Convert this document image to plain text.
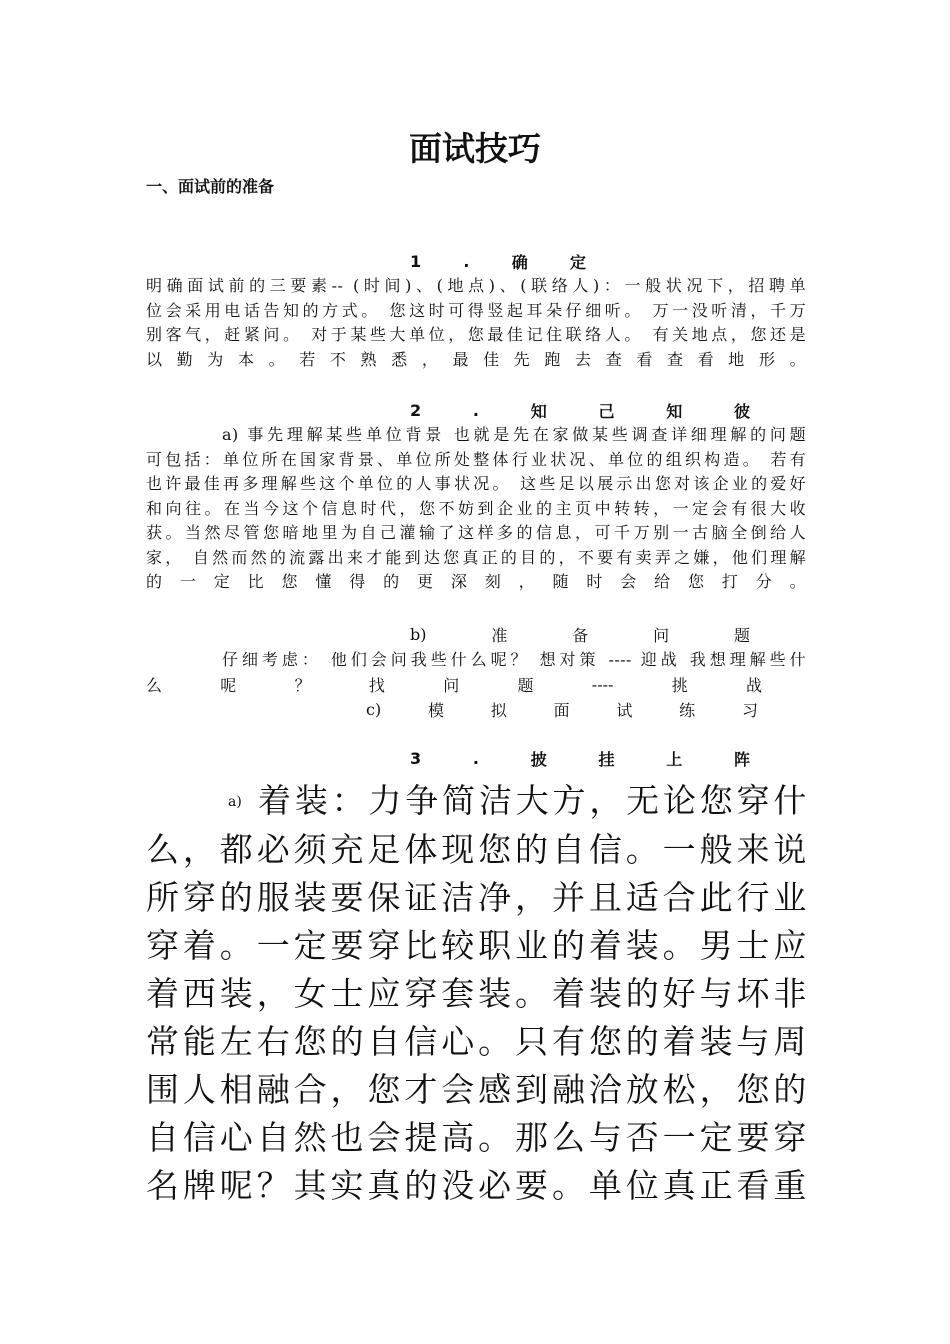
面试技巧
一、面试前的准备
1	.	确	定
明确面试前的三要素-- (时间)、(地点)、(联络人)：一般状况下，招聘单
位会采用电话告知的方式。 您这时可得竖起耳朵仔细听。 万一没听清，千万
别客气，赶紧问。 对于某些大单位，您最佳记住联络人。 有关地点，您还是
以 勤 为 本 。 若 不 熟 悉 ， 最 佳 先 跑 去 查 看 查 看 地 形 。
2	.	知	己	知	彼
a) 事先理解某些单位背景 也就是先在家做某些调查详细理解的问题
可包括：单位所在国家背景、单位所处整体行业状况、单位的组织构造。 若有
也许最佳再多理解些这个单位的人事状况。 这些足以展示出您对该企业的爱好
和向往。在当今这个信息时代，您不妨到企业的主页中转转，一定会有很大收
获。当然尽管您暗地里为自己灌输了这样多的信息，可千万别一古脑全倒给人
家， 自然而然的流露出来才能到达您真正的目的，不要有卖弄之嫌，他们理解
的 一 定 比 您 懂 得 的 更 深 刻 ， 随 时 会 给 您 打 分 。
b)	准	备	问	题
仔细考虑： 他们会问我些什么呢？ 想对策 ---- 迎战 我想理解些什
么	呢	？	找	问	题	----	挑	战
c)	模	拟	面	试	练	习
3	.	披	挂	上	阵
a) 着装：力争简洁大方，无论您穿什
么，都必须充足体现您的自信。一般来说
所穿的服装要保证洁净，并且适合此行业
穿着。一定要穿比较职业的着装。男士应
着西装，女士应穿套装。着装的好与坏非
常能左右您的自信心。只有您的着装与周
围人相融合，您才会感到融洽放松，您的
自信心自然也会提高。那么与否一定要穿
名牌呢？其实真的没必要。单位真正看重
